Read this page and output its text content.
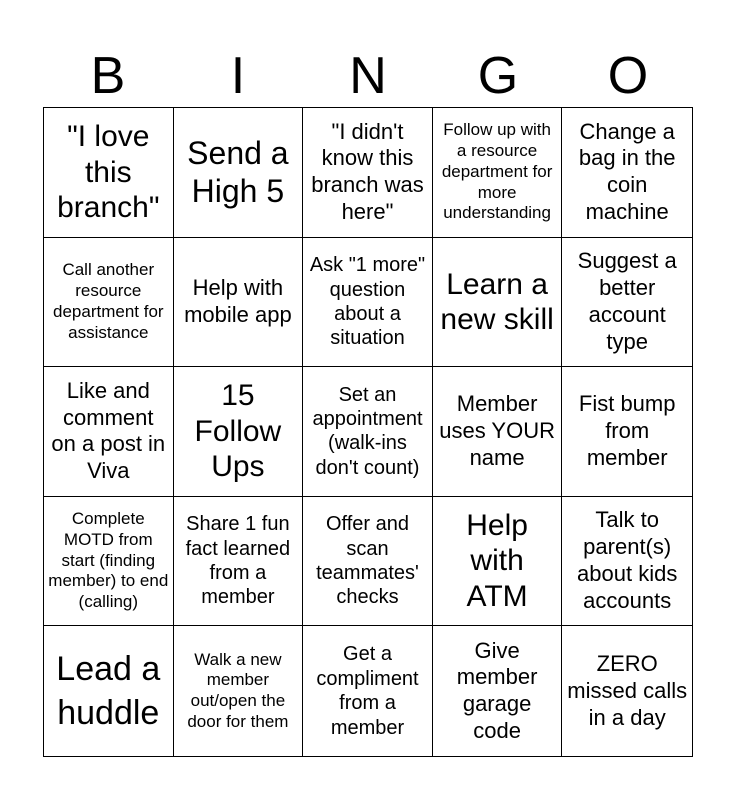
B	I	N	G	O
"I love this branch"
Send a High 5
"I didn't know this branch was here"
Follow up with a resource department for more understanding
Change a bag in the coin machine
Call another resource department for assistance
Help with mobile app
Ask "1 more" question about a situation
Learn a new skill
Suggest a better account type
Like and comment on a post in Viva
15 Follow Ups
Set an appointment (walk-ins don't count)
Member uses YOUR name
Fist bump from member
Complete MOTD from start (finding member) to end (calling)
Share 1 fun fact learned from a member
Offer and scan teammates' checks
Help with ATM
Talk to parent(s) about kids accounts
Lead a huddle
Walk a new member out/open the door for them
Get a compliment from a member
Give member garage code
ZERO missed calls in a day
